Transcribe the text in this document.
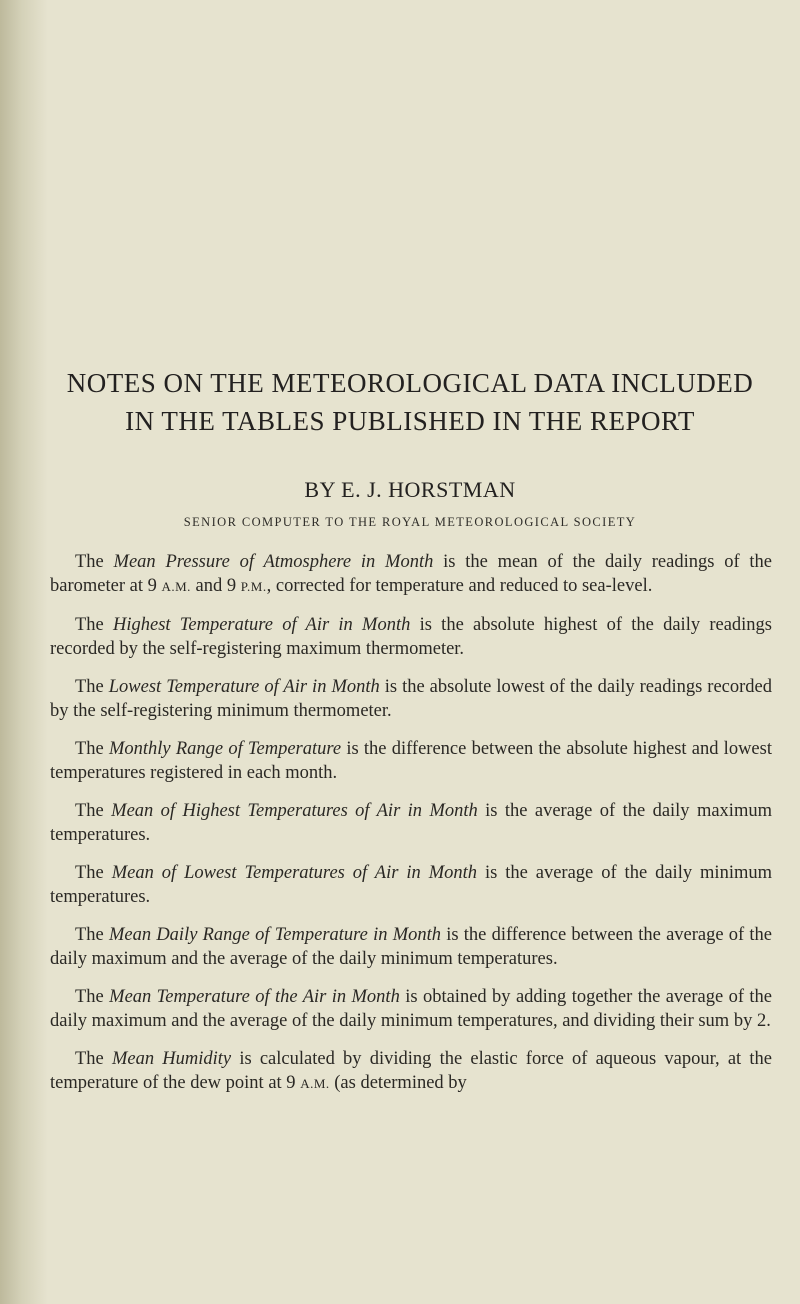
NOTES ON THE METEOROLOGICAL DATA INCLUDED
IN THE TABLES PUBLISHED IN THE REPORT
BY E. J. HORSTMAN
SENIOR COMPUTER TO THE ROYAL METEOROLOGICAL SOCIETY

The Mean Pressure of Atmosphere in Month is the mean of the daily readings of the barometer at 9 A.M. and 9 P.M., corrected for temperature and reduced to sea-level.

The Highest Temperature of Air in Month is the absolute highest of the daily readings recorded by the self-registering maximum thermometer.

The Lowest Temperature of Air in Month is the absolute lowest of the daily readings recorded by the self-registering minimum thermometer.

The Monthly Range of Temperature is the difference between the absolute highest and lowest temperatures registered in each month.

The Mean of Highest Temperatures of Air in Month is the average of the daily maximum temperatures.

The Mean of Lowest Temperatures of Air in Month is the average of the daily minimum temperatures.

The Mean Daily Range of Temperature in Month is the difference between the average of the daily maximum and the average of the daily minimum temperatures.

The Mean Temperature of the Air in Month is obtained by adding together the average of the daily maximum and the average of the daily minimum temperatures, and dividing their sum by 2.

The Mean Humidity is calculated by dividing the elastic force of aqueous vapour, at the temperature of the dew point at 9 A.M. (as determined by
